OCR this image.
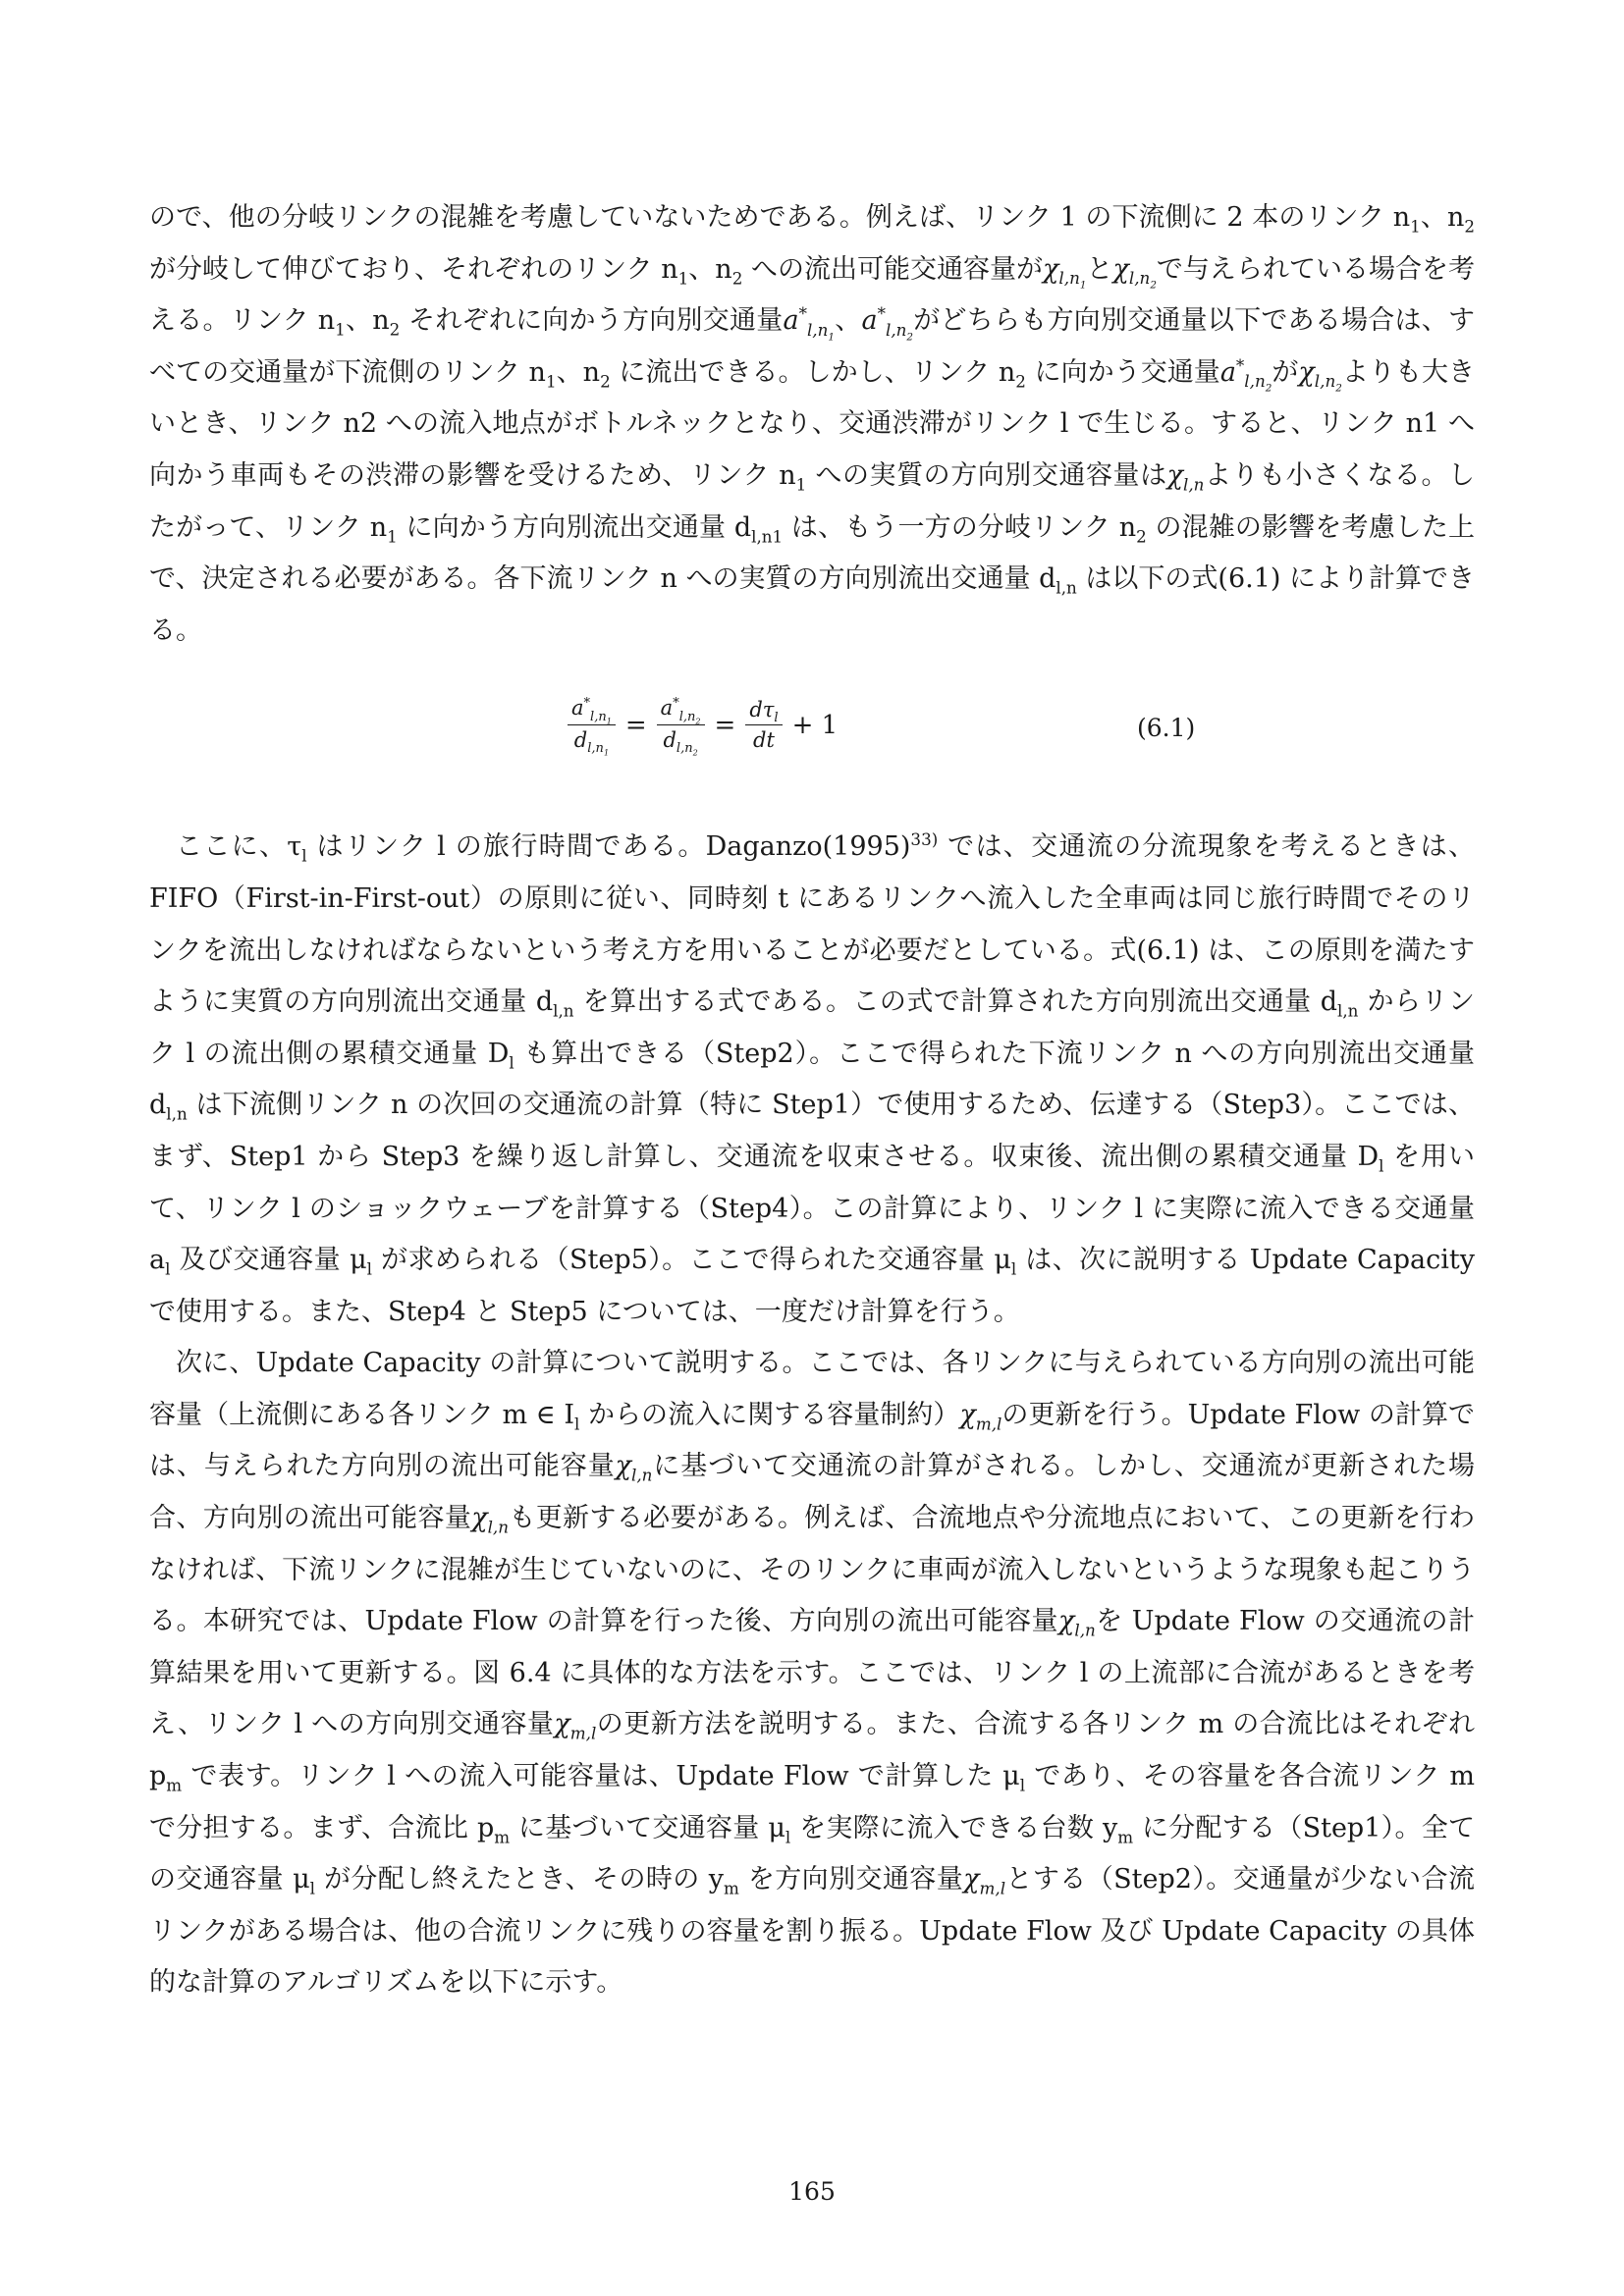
ので、他の分岐リンクの混雑を考慮していないためである。例えば、リンク 1 の下流側に 2 本のリンク $n_1$、$n_2$ が分岐して伸びており、それぞれのリンク $n_1$、$n_2$ への流出可能交通容量が$\chi_{l,n_1}$と$\chi_{l,n_2}$で与えられている場合を考える。リンク $n_1$、$n_2$ それぞれに向かう方向別交通量$a^*_{l,n_1}$、$a^*_{l,n_2}$がどちらも方向別交通量以下である場合は、すべての交通量が下流側のリンク $n_1$、$n_2$ に流出できる。しかし、リンク $n_2$ に向かう交通量$a^*_{l,n_2}$が$\chi_{l,n_2}$よりも大きいとき、リンク n2 への流入地点がボトルネックとなり、交通渋滞がリンク l で生じる。すると、リンク n1 へ向かう車両もその渋滞の影響を受けるため、リンク $n_1$ への実質の方向別交通容量は$\chi_{l,n}$よりも小さくなる。したがって、リンク $n_1$ に向かう方向別流出交通量 $d_{l,n1}$ は、もう一方の分岐リンク $n_2$ の混雑の影響を考慮した上で、決定される必要がある。各下流リンク n への実質の方向別流出交通量 $d_{l,n}$ は以下の式(6.1) により計算できる。

$\frac{a^*_{l,n_1}}{d_{l,n_1}} = \frac{a^*_{l,n_2}}{d_{l,n_2}} = \frac{d\tau_l}{dt} + 1$	(6.1)

ここに、$\tau_l$ はリンク l の旅行時間である。Daganzo(1995)$^{33)}$ では、交通流の分流現象を考えるときは、FIFO（First-in-First-out）の原則に従い、同時刻 t にあるリンクへ流入した全車両は同じ旅行時間でそのリンクを流出しなければならないという考え方を用いることが必要だとしている。式(6.1) は、この原則を満たすように実質の方向別流出交通量 $d_{l,n}$ を算出する式である。この式で計算された方向別流出交通量 $d_{l,n}$ からリンク l の流出側の累積交通量 $D_l$ も算出できる（Step2）。ここで得られた下流リンク n への方向別流出交通量 $d_{l,n}$ は下流側リンク n の次回の交通流の計算（特に Step1）で使用するため、伝達する（Step3）。ここでは、まず、Step1 から Step3 を繰り返し計算し、交通流を収束させる。収束後、流出側の累積交通量 $D_l$ を用いて、リンク l のショックウェーブを計算する（Step4）。この計算により、リンク l に実際に流入できる交通量 $a_l$ 及び交通容量 $\mu_l$ が求められる（Step5）。ここで得られた交通容量 $\mu_l$ は、次に説明する Update Capacity で使用する。また、Step4 と Step5 については、一度だけ計算を行う。

次に、Update Capacity の計算について説明する。ここでは、各リンクに与えられている方向別の流出可能容量（上流側にある各リンク m ∈ $I_l$ からの流入に関する容量制約）$\chi_{m,l}$の更新を行う。Update Flow の計算では、与えられた方向別の流出可能容量$\chi_{l,n}$に基づいて交通流の計算がされる。しかし、交通流が更新された場合、方向別の流出可能容量$\chi_{l,n}$も更新する必要がある。例えば、合流地点や分流地点において、この更新を行わなければ、下流リンクに混雑が生じていないのに、そのリンクに車両が流入しないというような現象も起こりうる。本研究では、Update Flow の計算を行った後、方向別の流出可能容量$\chi_{l,n}$を Update Flow の交通流の計算結果を用いて更新する。図 6.4 に具体的な方法を示す。ここでは、リンク l の上流部に合流があるときを考え、リンク l への方向別交通容量$\chi_{m,l}$の更新方法を説明する。また、合流する各リンク m の合流比はそれぞれ $p_m$ で表す。リンク l への流入可能容量は、Update Flow で計算した $\mu_l$ であり、その容量を各合流リンク m で分担する。まず、合流比 $p_m$ に基づいて交通容量 $\mu_l$ を実際に流入できる台数 $y_m$ に分配する（Step1）。全ての交通容量 $\mu_l$ が分配し終えたとき、その時の $y_m$ を方向別交通容量$\chi_{m,l}$とする（Step2）。交通量が少ない合流リンクがある場合は、他の合流リンクに残りの容量を割り振る。Update Flow 及び Update Capacity の具体的な計算のアルゴリズムを以下に示す。

165
